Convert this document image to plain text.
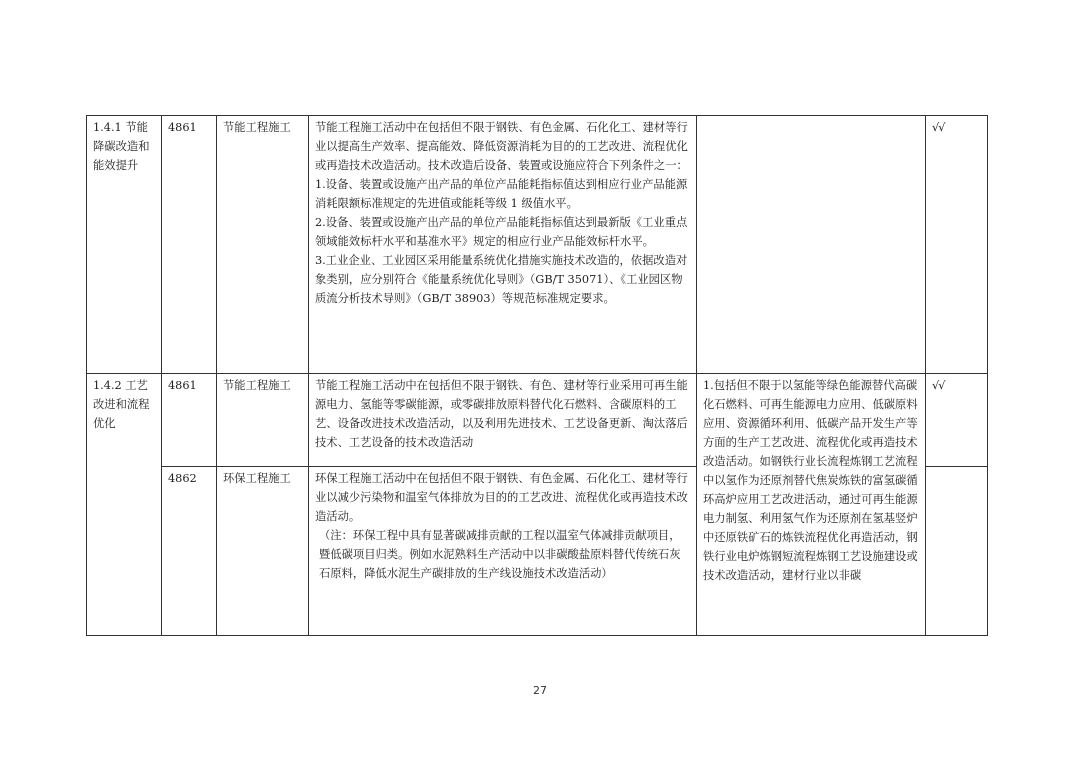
1.4.1 节能降碳改造和能效提升	4861	节能工程施工	节能工程施工活动中在包括但不限于钢铁、有色金属、石化化工、建材等行业以提高生产效率、提高能效、降低资源消耗为目的的工艺改进、流程优化或再造技术改造活动。技术改造后设备、装置或设施应符合下列条件之一：
1.设备、装置或设施产出产品的单位产品能耗指标值达到相应行业产品能源消耗限额标准规定的先进值或能耗等级 1 级值水平。
2.设备、装置或设施产出产品的单位产品能耗指标值达到最新版《工业重点领域能效标杆水平和基准水平》规定的相应行业产品能效标杆水平。
3.工业企业、工业园区采用能量系统优化措施实施技术改造的，依据改造对象类别，应分别符合《能量系统优化导则》（GB/T 35071）、《工业园区物质流分析技术导则》（GB/T 38903）等规范标准规定要求。		√√
1.4.2 工艺改进和流程优化	4861	节能工程施工	节能工程施工活动中在包括但不限于钢铁、有色、建材等行业采用可再生能源电力、氢能等零碳能源，或零碳排放原料替代化石燃料、含碳原料的工艺、设备改进技术改造活动，以及利用先进技术、工艺设备更新、淘汰落后技术、工艺设备的技术改造活动	1.包括但不限于以氢能等绿色能源替代高碳化石燃料、可再生能源电力应用、低碳原料应用、资源循环利用、低碳产品开发生产等方面的生产工艺改进、流程优化或再造技术改造活动。如钢铁行业长流程炼钢工艺流程中以氢作为还原剂替代焦炭炼铁的富氢碳循环高炉应用工艺改进活动，通过可再生能源电力制氢、利用氢气作为还原剂在氢基竖炉中还原铁矿石的炼铁流程优化再造活动，钢铁行业电炉炼钢短流程炼钢工艺设施建设或技术改造活动，建材行业以非碳	√√
	4862	环保工程施工	环保工程施工活动中在包括但不限于钢铁、有色金属、石化化工、建材等行业以减少污染物和温室气体排放为目的的工艺改进、流程优化或再造技术改造活动。
（注：环保工程中具有显著碳减排贡献的工程以温室气体减排贡献项目，暨低碳项目归类。例如水泥熟料生产活动中以非碳酸盐原料替代传统石灰石原料，降低水泥生产碳排放的生产线设施技术改造活动）		

27
